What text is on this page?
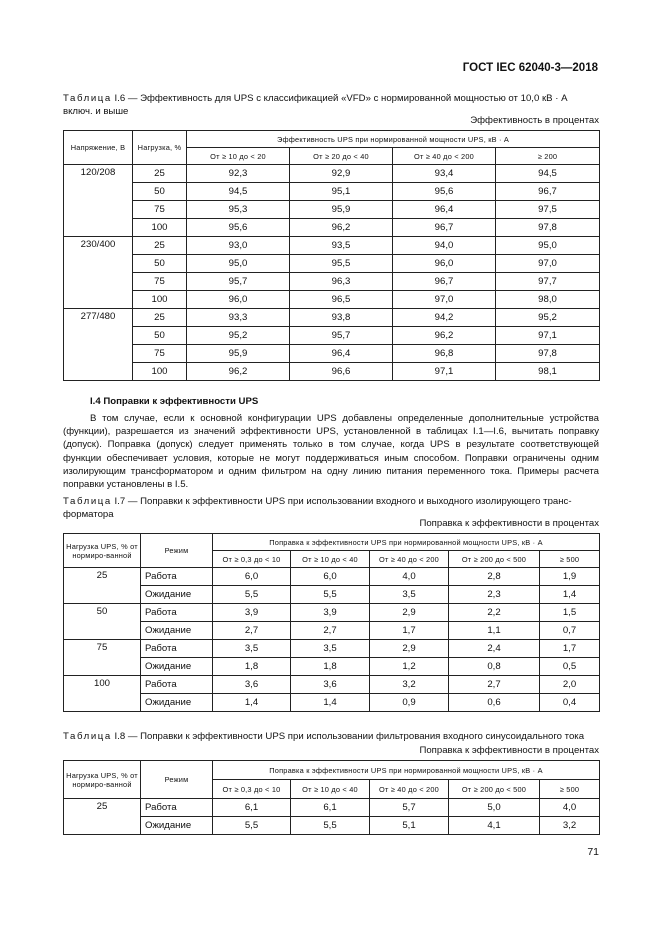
ГОСТ IEC 62040-3—2018
Таблица I.6 — Эффективность для UPS с классификацией «VFD» с нормированной мощностью от 10,0 кВ · А включ. и выше
Эффективность в процентах
Напряжение, В	Нагрузка, %	Эффективность UPS при нормированной мощности UPS, кВ · А			
		От ≥ 10 до < 20	От ≥ 20 до < 40	От ≥ 40 до < 200	≥ 200
120/208	25	92,3	92,9	93,4	94,5
	50	94,5	95,1	95,6	96,7
	75	95,3	95,9	96,4	97,5
	100	95,6	96,2	96,7	97,8
230/400	25	93,0	93,5	94,0	95,0
	50	95,0	95,5	96,0	97,0
	75	95,7	96,3	96,7	97,7
	100	96,0	96,5	97,0	98,0
277/480	25	93,3	93,8	94,2	95,2
	50	95,2	95,7	96,2	97,1
	75	95,9	96,4	96,8	97,8
	100	96,2	96,6	97,1	98,1
I.4 Поправки к эффективности UPS

В том случае, если к основной конфигурации UPS добавлены определенные дополнительные устройства (функции), разрешается из значений эффективности UPS, установленной в таблицах I.1—I.6, вычитать поправку (допуск). Поправка (допуск) следует применять только в том случае, когда UPS в результате соответствующей функции обеспечивает условия, которые не могут поддерживаться иным способом. Поправки ограничены одним изолирующим трансформатором и одним фильтром на одну линию питания переменного тока. Примеры расчета поправки установлены в I.5.

Таблица I.7 — Поправки к эффективности UPS при использовании входного и выходного изолирующего транс-форматора
Поправка к эффективности в процентах
Нагрузка UPS, % от нормиро-ванной	Режим	Поправка к эффективности UPS при нормированной мощности UPS, кВ · А				
		От ≥ 0,3 до < 10	От ≥ 10 до < 40	От ≥ 40 до < 200	От ≥ 200 до < 500	≥ 500
25	Работа	6,0	6,0	4,0	2,8	1,9
	Ожидание	5,5	5,5	3,5	2,3	1,4
50	Работа	3,9	3,9	2,9	2,2	1,5
	Ожидание	2,7	2,7	1,7	1,1	0,7
75	Работа	3,5	3,5	2,9	2,4	1,7
	Ожидание	1,8	1,8	1,2	0,8	0,5
100	Работа	3,6	3,6	3,2	2,7	2,0
	Ожидание	1,4	1,4	0,9	0,6	0,4
Таблица I.8 — Поправки к эффективности UPS при использовании фильтрования входного синусоидального тока
Поправка к эффективности в процентах
Нагрузка UPS, % от нормиро-ванной	Режим	Поправка к эффективности UPS при нормированной мощности UPS, кВ · А				
		От ≥ 0,3 до < 10	От ≥ 10 до < 40	От ≥ 40 до < 200	От ≥ 200 до < 500	≥ 500
25	Работа	6,1	6,1	5,7	5,0	4,0
	Ожидание	5,5	5,5	5,1	4,1	3,2
71
